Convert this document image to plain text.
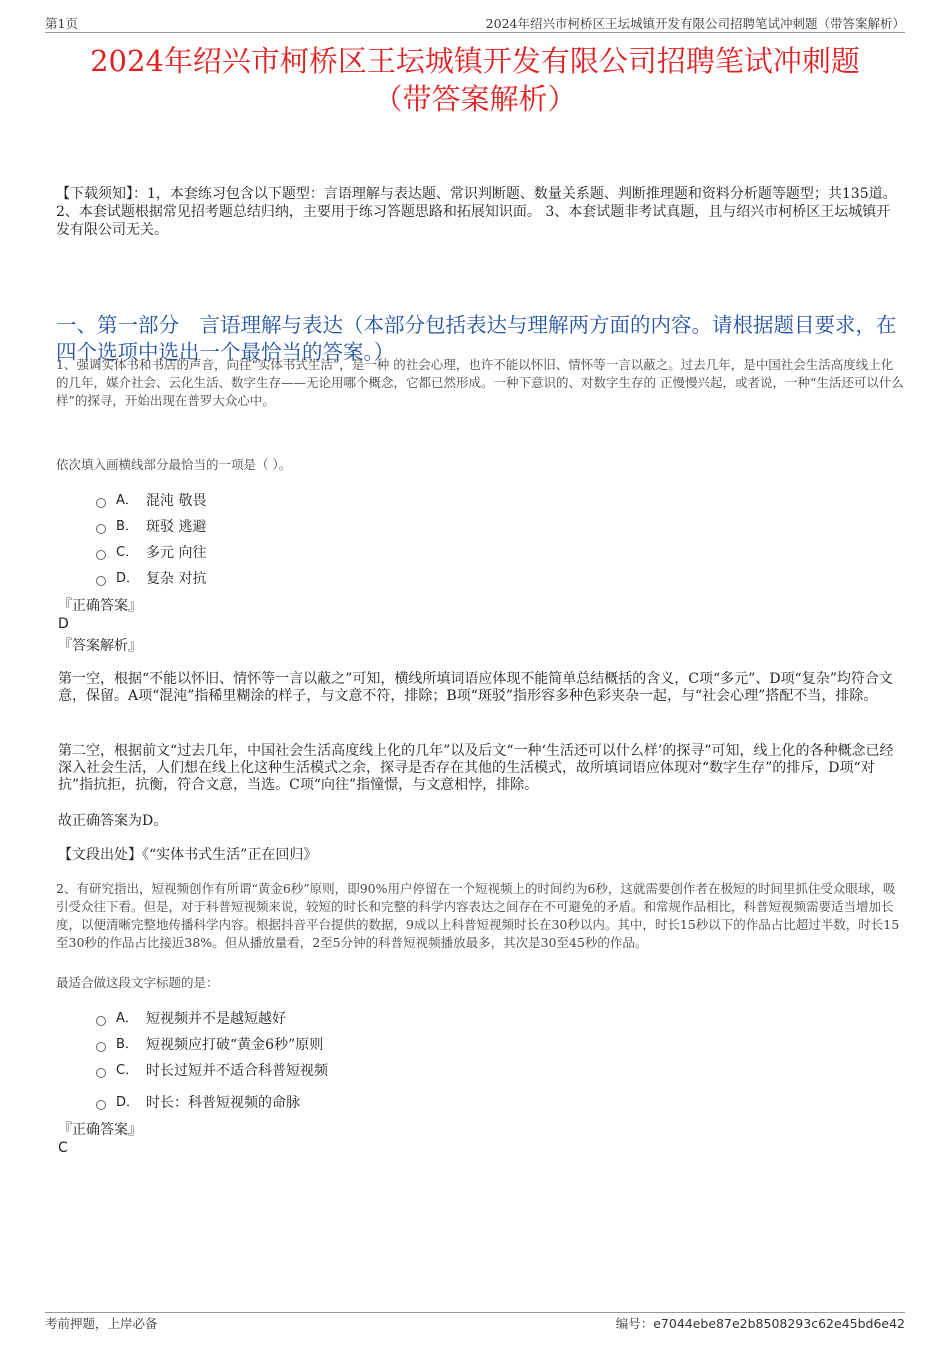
第1页	2024年绍兴市柯桥区王坛城镇开发有限公司招聘笔试冲刺题（带答案解析）
2024年绍兴市柯桥区王坛城镇开发有限公司招聘笔试冲刺题
（带答案解析）
【下载须知】：1，本套练习包含以下题型：言语理解与表达题、常识判断题、数量关系题、判断推理题和资料分析题等题型；共135道。 2、本套试题根据常见招考题总结归纳，主要用于练习答题思路和拓展知识面。 3、本套试题非考试真题，且与绍兴市柯桥区王坛城镇开发有限公司无关。
一、第一部分　言语理解与表达（本部分包括表达与理解两方面的内容。请根据题目要求，在四个选项中选出一个最恰当的答案。）
1、强调实体书和书店的声音，向往“实体书式生活”，是一种 的社会心理，也许不能以怀旧、情怀等一言以蔽之。过去几年，是中国社会生活高度线上化的几年，媒介社会、云化生活、数字生存——无论用哪个概念，它都已然形成。一种下意识的、对数字生存的 正慢慢兴起，或者说，一种“生活还可以什么样”的探寻，开始出现在普罗大众心中。
依次填入画横线部分最恰当的一项是（ ）。
A． 混沌 敬畏
B． 斑驳 逃避
C． 多元 向往
D． 复杂 对抗
『正确答案』
D
『答案解析』
第一空，根据“不能以怀旧、情怀等一言以蔽之”可知，横线所填词语应体现不能简单总结概括的含义，C项“多元”、D项“复杂”均符合文意，保留。A项“混沌”指稀里糊涂的样子，与文意不符，排除；B项“斑驳”指形容多种色彩夹杂一起，与“社会心理”搭配不当，排除。
第二空，根据前文“过去几年，中国社会生活高度线上化的几年”以及后文“一种‘生活还可以什么样’的探寻”可知，线上化的各种概念已经深入社会生活，人们想在线上化这种生活模式之余，探寻是否存在其他的生活模式，故所填词语应体现对“数字生存”的排斥，D项“对抗”指抗拒，抗衡，符合文意，当选。C项“向往”指憧憬，与文意相悖，排除。
故正确答案为D。
【文段出处】《“实体书式生活”正在回归》
2、有研究指出，短视频创作有所谓“黄金6秒”原则，即90%用户停留在一个短视频上的时间约为6秒，这就需要创作者在极短的时间里抓住受众眼球，吸引受众往下看。但是，对于科普短视频来说，较短的时长和完整的科学内容表达之间存在不可避免的矛盾。和常规作品相比，科普短视频需要适当增加长度，以便清晰完整地传播科学内容。根据抖音平台提供的数据，9成以上科普短视频时长在30秒以内。其中，时长15秒以下的作品占比超过半数，时长15至30秒的作品占比接近38%。但从播放量看，2至5分钟的科普短视频播放最多，其次是30至45秒的作品。
最适合做这段文字标题的是：
A． 短视频并不是越短越好
B． 短视频应打破“黄金6秒”原则
C． 时长过短并不适合科普短视频
D． 时长：科普短视频的命脉
『正确答案』
C
考前押题，上岸必备	编号：e7044ebe87e2b8508293c62e45bd6e42
